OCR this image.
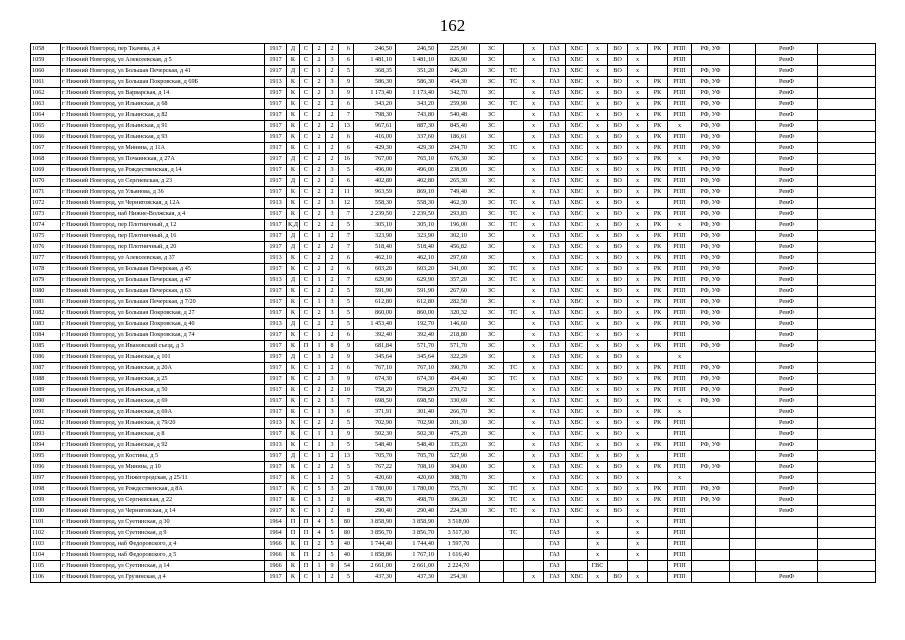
162
1058	г Нижний Новгород, пер Ткачева, д 4	1917	Д	С	2	2	6	246,50	246,50	225,90	ЗС		х	ГАЗ	ХВС	х	ВО	х	РК	РПП	РФ, УФ		РемФ	
1059	г Нижний Новгород, ул Алексеевская, д 5	1917	К	С	2	3	6	1 481,10	1 481,10	826,90	ЗС		х	ГАЗ	ХВС	х	ВО	х		РПП			РемФ	
1060	г Нижний Новгород, ул Большая Печерская, д 41	1917	Д	С	1	2	5	368,35	351,20	246,20	ЗС	ТС		ГАЗ	ХВС	х	ВО	х		РПП	РФ, УФ		РемФ	
1061	г Нижний Новгород, ул Большая Покровская, д 69Б	1913	К	С	2	3	9	586,30	586,30	454,30	ЗС	ТС	х	ГАЗ	ХВС	х	ВО	х	РК	РПП	РФ, УФ		РемФ	
1062	г Нижний Новгород, ул Варварская, д 14	1917	К	С	2	3	9	1 173,40	1 173,40	342,70	ЗС		х	ГАЗ	ХВС	х	ВО	х	РК	РПП	РФ, УФ		РемФ	
1063	г Нижний Новгород, ул Ильинская, д 68	1917	К	С	2	2	6	343,20	343,20	259,90	ЗС	ТС	х	ГАЗ	ХВС	х	ВО	х	РК	РПП	РФ, УФ		РемФ	
1064	г Нижний Новгород, ул Ильинская, д 82	1917	К	С	2	2	7	798,30	743,80	540,48	ЗС		х	ГАЗ	ХВС	х	ВО	х	РК	РПП	РФ, УФ		РемФ	
1065	г Нижний Новгород, ул Ильинская, д 91	1917	К	С	2	2	13	967,61	887,30	845,40	ЗС		х	ГАЗ	ХВС	х	ВО	х	РК	х	РФ, УФ		РемФ	
1066	г Нижний Новгород, ул Ильинская, д 93	1917	К	С	2	2	6	416,00	337,60	186,61	ЗС		х	ГАЗ	ХВС	х	ВО	х	РК	РПП	РФ, УФ		РемФ	
1067	г Нижний Новгород, ул Минина, д 11А	1917	К	С	1	2	6	429,30	429,30	294,70	ЗС	ТС	х	ГАЗ	ХВС	х	ВО	х	РК	РПП	РФ, УФ		РемФ	
1068	г Нижний Новгород, ул Почаинская, д 27А	1917	Д	С	2	2	16	767,00	765,10	676,30	ЗС		х	ГАЗ	ХВС	х	ВО	х	РК	х	РФ, УФ		РемФ	
1069	г Нижний Новгород, ул Рождественская, д 14	1917	К	С	2	3	5	496,00	496,00	238,09	ЗС		х	ГАЗ	ХВС	х	ВО	х	РК	РПП	РФ, УФ		РемФ	
1070	г Нижний Новгород, ул Сергиевская, д 23	1917	Д	С	2	2	6	402,80	402,80	265,30	ЗС		х	ГАЗ	ХВС	х	ВО	х	РК	РПП	РФ, УФ		РемФ	
1071	г Нижний Новгород, ул Ульянова, д 36	1917	К	С	2	2	11	963,59	869,10	749,40	ЗС		х	ГАЗ	ХВС	х	ВО	х	РК	РПП	РФ, УФ		РемФ	
1072	г Нижний Новгород, ул Черниговская, д 12А	1913	К	С	2	3	12	558,30	558,30	462,30	ЗС	ТС	х	ГАЗ	ХВС	х	ВО	х		РПП	РФ, УФ		РемФ	
1073	г Нижний Новгород, наб Нижне-Волжская, д 4	1917	К	С	2	3	7	2 239,50	2 239,50	293,83	ЗС	ТС	х	ГАЗ	ХВС	х	ВО	х	РК	РПП	РФ, УФ		РемФ	
1074	г Нижний Новгород, пер Плотничный, д 12	1917	К,Д	С	2	2	5	305,10	305,10	196,00	ЗС	ТС	х	ГАЗ	ХВС	х	ВО	х	РК	х	РФ, УФ		РемФ	
1075	г Нижний Новгород, пер Плотничный, д 16	1917	Д	С	1	2	7	323,90	323,90	302,10	ЗС		х	ГАЗ	ХВС	х	ВО	х	РК	РПП	РФ, УФ		РемФ	
1076	г Нижний Новгород, пер Плотничный, д 20	1917	Д	С	2	2	7	518,40	518,40	456,82	ЗС		х	ГАЗ	ХВС	х	ВО	х	РК	РПП	РФ, УФ		РемФ	
1077	г Нижний Новгород, ул Алексеевская, д 37	1913	К	С	2	2	6	462,10	462,10	297,60	ЗС		х	ГАЗ	ХВС	х	ВО	х	РК	РПП	РФ, УФ		РемФ	
1078	г Нижний Новгород, ул Большая Печерская, д 45	1917	К	С	2	2	6	603,20	603,20	341,00	ЗС	ТС	х	ГАЗ	ХВС	х	ВО	х	РК	РПП	РФ, УФ		РемФ	
1079	г Нижний Новгород, ул Большая Печерская, д 47	1913	Д	С	1	2	7	629,90	629,90	357,20	ЗС	ТС	х	ГАЗ	ХВС	х	ВО	х	РК	РПП	РФ, УФ		РемФ	
1080	г Нижний Новгород, ул Большая Печерская, д 63	1917	К	С	2	2	5	591,90	591,90	267,60	ЗС		х	ГАЗ	ХВС	х	ВО	х	РК	РПП	РФ, УФ		РемФ	
1081	г Нижний Новгород, ул Большая Печерская, д 7/20	1917	К	С	1	3	5	612,80	612,80	282,50	ЗС		х	ГАЗ	ХВС	х	ВО	х	РК	РПП	РФ, УФ		РемФ	
1082	г Нижний Новгород, ул Большая Покровская, д 27	1917	К	С	2	3	5	860,00	860,00	320,32	ЗС	ТС	х	ГАЗ	ХВС	х	ВО	х	РК	РПП	РФ, УФ		РемФ	
1083	г Нижний Новгород, ул Большая Покровская, д 40	1913	Д	С	2	2	5	1 453,40	192,70	146,60	ЗС		х	ГАЗ	ХВС	х	ВО	х	РК	РПП	РФ, УФ		РемФ	
1084	г Нижний Новгород, ул Большая Покровская, д 74	1917	К	С	1	2	6	392,40	392,40	218,80	ЗС		х	ГАЗ	ХВС	х	ВО	х		РПП			РемФ	
1085	г Нижний Новгород, ул Ивановский съезд, д 3	1917	К	П	1	8	9	681,84	571,70	571,70	ЗС		х	ГАЗ	ХВС	х	ВО	х	РК	РПП	РФ, УФ		РемФ	
1086	г Нижний Новгород, ул Ильинская, д 101	1917	Д	С	3	2	9	345,64	345,64	322,29	ЗС		х	ГАЗ	ХВС	х	ВО	х		х				
1087	г Нижний Новгород, ул Ильинская, д 20А	1917	К	С	1	2	6	767,10	767,10	390,70	ЗС	ТС	х	ГАЗ	ХВС	х	ВО	х	РК	РПП	РФ, УФ		РемФ	
1088	г Нижний Новгород, ул Ильинская, д 25	1917	К	С	2	3	9	674,30	674,30	494,40	ЗС	ТС	х	ГАЗ	ХВС	х	ВО	х	РК	РПП	РФ, УФ		РемФ	
1089	г Нижний Новгород, ул Ильинская, д 50	1917	К	С	2	2	10	758,20	758,20	270,72	ЗС		х	ГАЗ	ХВС	х	ВО	х	РК	РПП	РФ, УФ		РемФ	
1090	г Нижний Новгород, ул Ильинская, д 69	1917	К	С	2	3	7	698,50	698,50	330,69	ЗС		х	ГАЗ	ХВС	х	ВО	х	РК	х	РФ, УФ		РемФ	
1091	г Нижний Новгород, ул Ильинская, д 69А	1917	К	С	1	3	6	371,91	301,40	266,70	ЗС		х	ГАЗ	ХВС	х	ВО	х	РК	х			РемФ	
1092	г Нижний Новгород, ул Ильинская, д 79/20	1913	К	С	2	2	5	702,90	702,90	201,30	ЗС		х	ГАЗ	ХВС	х	ВО	х	РК	РПП			РемФ	
1093	г Нижний Новгород, ул Ильинская, д 8	1917	К	С	1	1	9	502,30	502,30	475,20	ЗС		х	ГАЗ	ХВС	х	ВО	х		РПП			РемФ	
1094	г Нижний Новгород, ул Ильинская, д 92	1913	К	С	1	3	5	548,40	548,40	335,20	ЗС		х	ГАЗ	ХВС	х	ВО	х	РК	РПП	РФ, УФ		РемФ	
1095	г Нижний Новгород, ул Костина, д 5	1917	Д	С	1	2	13	705,70	705,70	527,90	ЗС		х	ГАЗ	ХВС	х	ВО	х		РПП			РемФ	
1096	г Нижний Новгород, ул Минина, д 10	1917	К	С	2	2	5	767,22	708,10	304,00	ЗС		х	ГАЗ	ХВС	х	ВО	х	РК	РПП	РФ, УФ		РемФ	
1097	г Нижний Новгород, ул Нижегородская, д 25/11	1917	К	С	1	2	5	420,60	420,60	308,70	ЗС		х	ГАЗ	ХВС	х	ВО	х		х			РемФ	
1098	г Нижний Новгород, ул Рождественская, д 8А	1917	К	С	5	3	20	1 780,00	1 780,00	755,70	ЗС	ТС	х	ГАЗ	ХВС	х	ВО	х	РК	РПП	РФ, УФ		РемФ	
1099	г Нижний Новгород, ул Сергиевская, д 22	1917	К	С	3	2	8	498,70	498,70	396,20	ЗС	ТС	х	ГАЗ	ХВС	х	ВО	х	РК	РПП	РФ, УФ		РемФ	
1100	г Нижний Новгород, ул Черниговская, д 14	1917	К	С	1	2	8	290,40	290,40	224,30	ЗС	ТС	х	ГАЗ	ХВС	х	ВО	х		РПП			РемФ	
1101	г Нижний Новгород, ул Суетинская, д 30	1964	П	П	4	5	80	3 858,90	3 858,90	3 518,00				ГАЗ		х		х		РПП				
1102	г Нижний Новгород, ул Суетинская, д 9	1964	П	П	4	5	80	3 856,70	3 856,70	3 517,30		ТС		ГАЗ		х		х		РПП				
1103	г Нижний Новгород, наб Федоровского, д 4	1966	К	П	2	5	40	1 744,40	1 744,40	1 597,70				ГАЗ		х		х		РПП				
1104	г Нижний Новгород, наб Федоровского, д 5	1966	К	П	2	5	40	1 858,86	1 767,10	1 616,40				ГАЗ		х		х		РПП				
1105	г Нижний Новгород, ул Суетинская, д 14	1966	К	П	1	9	54	2 661,00	2 661,00	2 224,70				ГАЗ		ГВС				РПП				
1106	г Нижний Новгород, ул Грузинская, д 4	1917	К	С	1	2	5	437,30	437,30	254,30			х	ГАЗ	ХВС	х	ВО	х		РПП			РемФ	
